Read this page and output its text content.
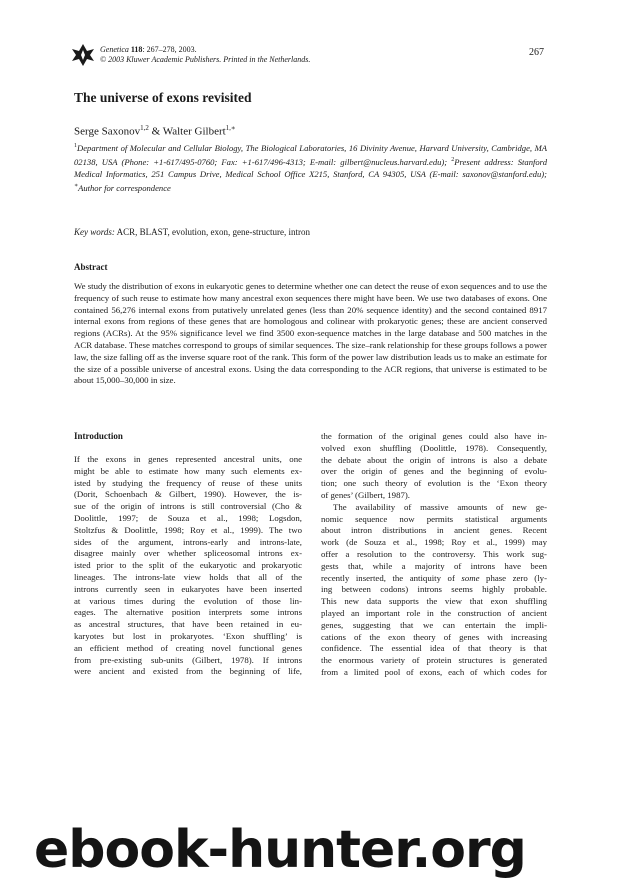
Genetica 118: 267–278, 2003.
© 2003 Kluwer Academic Publishers. Printed in the Netherlands.
267
The universe of exons revisited
Serge Saxonov$^{1,2}$ & Walter Gilbert$^{1,∗}$
$^1$Department of Molecular and Cellular Biology, The Biological Laboratories, 16 Divinity Avenue, Harvard University, Cambridge, MA 02138, USA (Phone: +1-617/495-0760; Fax: +1-617/496-4313; E-mail: gilbert@nucleus.harvard.edu); $^2$Present address: Stanford Medical Informatics, 251 Campus Drive, Medical School Office X215, Stanford, CA 94305, USA (E-mail: saxonov@stanford.edu); ∗Author for correspondence
Key words: ACR, BLAST, evolution, exon, gene-structure, intron
Abstract
We study the distribution of exons in eukaryotic genes to determine whether one can detect the reuse of exon sequences and to use the frequency of such reuse to estimate how many ancestral exon sequences there might have been. We use two databases of exons. One contained 56,276 internal exons from putatively unrelated genes (less than 20% sequence identity) and the second contained 8917 internal exons from regions of these genes that are homologous and colinear with prokaryotic genes; these are ancient conserved regions (ACRs). At the 95% significance level we find 3500 exon-sequence matches in the large database and 500 matches in the ACR database. These matches correspond to groups of similar sequences. The size–rank relationship for these groups follows a power law, the size falling off as the inverse square root of the rank. This form of the power law distribution leads us to make an estimate for the size of a possible universe of ancestral exons. Using the data corresponding to the ACR regions, that universe is estimated to be about 15,000–30,000 in size.
Introduction
If the exons in genes represented ancestral units, one
might be able to estimate how many such elements ex-
isted by studying the frequency of reuse of these units
(Dorit, Schoenbach & Gilbert, 1990). However, the is-
sue of the origin of introns is still controversial (Cho &
Doolittle, 1997; de Souza et al., 1998; Logsdon,
Stoltzfus & Doolittle, 1998; Roy et al., 1999). The two
sides of the argument, introns-early and introns-late,
disagree mainly over whether spliceosomal introns ex-
isted prior to the split of the eukaryotic and prokaryotic
lineages. The introns-late view holds that all of the
introns currently seen in eukaryotes have been inserted
at various times during the evolution of those lin-
eages. The alternative position interprets some introns
as ancestral structures, that have been retained in eu-
karyotes but lost in prokaryotes. ‘Exon shuffling’ is
an efficient method of creating novel functional genes
from pre-existing sub-units (Gilbert, 1978). If introns
were ancient and existed from the beginning of life,
the formation of the original genes could also have in-
volved exon shuffling (Doolittle, 1978). Consequently,
the debate about the origin of introns is also a debate
over the origin of genes and the beginning of evolu-
tion; one such theory of evolution is the ‘Exon theory
of genes’ (Gilbert, 1987).
The availability of massive amounts of new ge-
nomic sequence now permits statistical arguments
about intron distributions in ancient genes. Recent
work (de Souza et al., 1998; Roy et al., 1999) may
offer a resolution to the controversy. This work sug-
gests that, while a majority of introns have been
recently inserted, the antiquity of some phase zero (ly-
ing between codons) introns seems highly probable.
This new data supports the view that exon shuffling
played an important role in the construction of ancient
genes, suggesting that we can entertain the impli-
cations of the exon theory of genes with increasing
confidence. The essential idea of that theory is that
the enormous variety of protein structures is generated
from a limited pool of exons, each of which codes for
ebook-hunter.org
